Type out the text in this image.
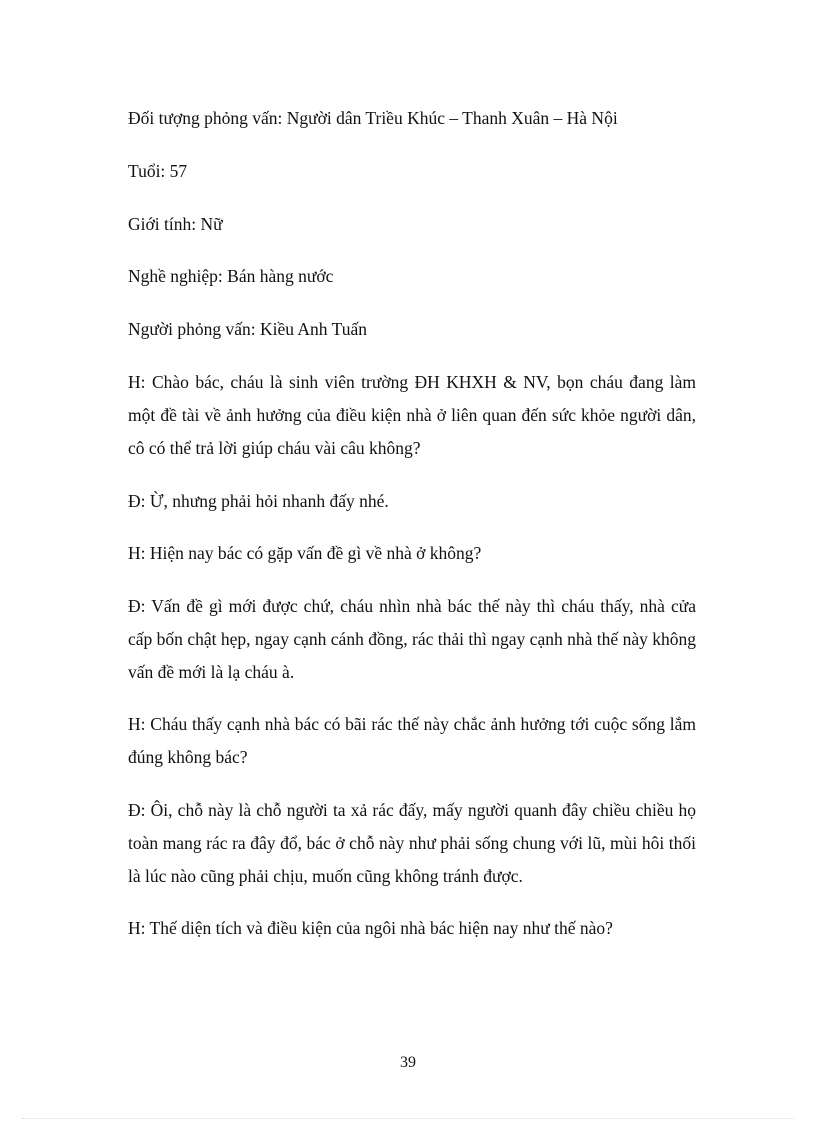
Đối tượng phỏng vấn: Người dân Triều Khúc – Thanh Xuân – Hà Nội
Tuổi: 57
Giới tính: Nữ
Nghề nghiệp: Bán hàng nước
Người phỏng vấn: Kiều Anh Tuấn

H: Chào bác, cháu là sinh viên trường ĐH KHXH & NV, bọn cháu đang làm một đề tài về ảnh hưởng của điều kiện nhà ở liên quan đến sức khỏe người dân, cô có thể trả lời giúp cháu vài câu không?

Đ: Ừ, nhưng phải hỏi nhanh đấy nhé.

H: Hiện nay bác có gặp vấn đề gì về nhà ở không?

Đ: Vấn đề gì mới được chứ, cháu nhìn nhà bác thế này thì cháu thấy, nhà cửa cấp bốn chật hẹp, ngay cạnh cánh đồng, rác thải thì ngay cạnh nhà thế này không vấn đề mới là lạ cháu à.

H: Cháu thấy cạnh nhà bác có bãi rác thế này chắc ảnh hưởng tới cuộc sống lắm đúng không bác?

Đ: Ôi, chỗ này là chỗ người ta xả rác đấy, mấy người quanh đây chiều chiều họ toàn mang rác ra đây đổ, bác ở chỗ này như phải sống chung với lũ, mùi hôi thối là lúc nào cũng phải chịu, muốn cũng không tránh được.

H: Thế diện tích và điều kiện của ngôi nhà bác hiện nay như thế nào?

39
